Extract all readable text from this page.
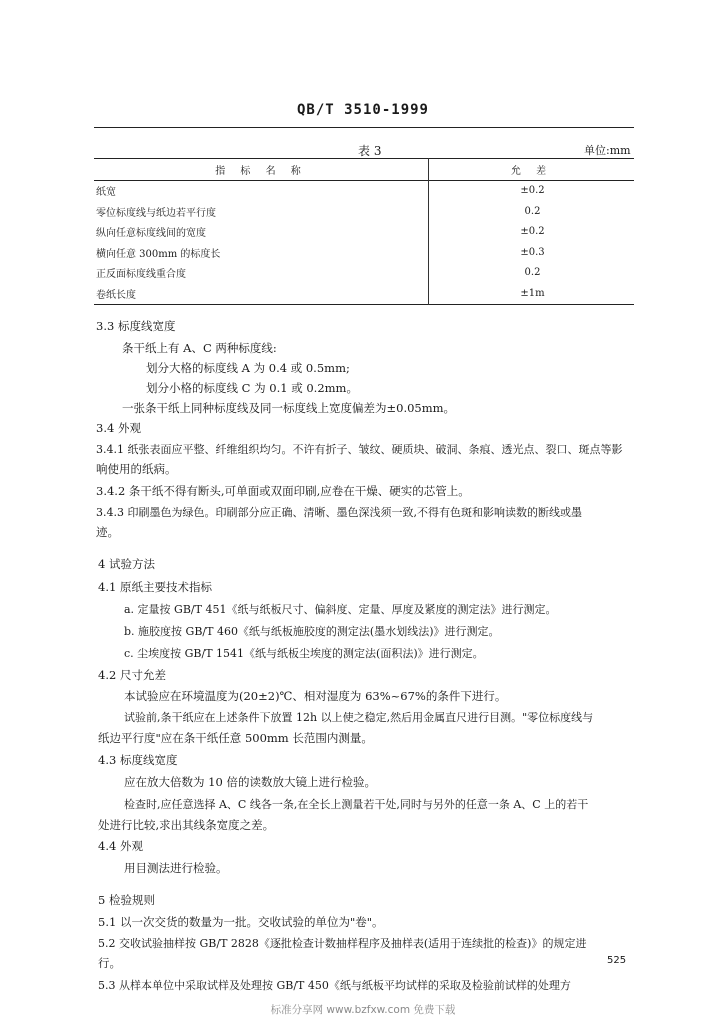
QB/T 3510-1999
表 3	单位:mm
指 标 名 称	允 差
纸宽	±0.2
零位标度线与纸边若平行度	0.2
纵向任意标度线间的宽度	±0.2
横向任意 300mm 的标度长	±0.3
正反面标度线重合度	0.2
卷纸长度	±1m
3.3 标度线宽度
条干纸上有 A、C 两种标度线:
划分大格的标度线 A 为 0.4 或 0.5mm;
划分小格的标度线 C 为 0.1 或 0.2mm。
一张条干纸上同种标度线及同一标度线上宽度偏差为±0.05mm。
3.4 外观
3.4.1 纸张表面应平整、纤维组织均匀。不许有折子、皱纹、硬质块、破洞、条痕、透光点、裂口、斑点等影
响使用的纸病。
3.4.2 条干纸不得有断头,可单面或双面印刷,应卷在干燥、硬实的芯管上。
3.4.3 印刷墨色为绿色。印刷部分应正确、清晰、墨色深浅须一致,不得有色斑和影响读数的断线或墨
迹。
4 试验方法
4.1 原纸主要技术指标
a. 定量按 GB/T 451《纸与纸板尺寸、偏斜度、定量、厚度及紧度的测定法》进行测定。
b. 施胶度按 GB/T 460《纸与纸板施胶度的测定法(墨水划线法)》进行测定。
c. 尘埃度按 GB/T 1541《纸与纸板尘埃度的测定法(面积法)》进行测定。
4.2 尺寸允差
本试验应在环境温度为(20±2)℃、相对湿度为 63%~67%的条件下进行。
试验前,条干纸应在上述条件下放置 12h 以上使之稳定,然后用金属直尺进行目测。"零位标度线与
纸边平行度"应在条干纸任意 500mm 长范围内测量。
4.3 标度线宽度
应在放大倍数为 10 倍的读数放大镜上进行检验。
检查时,应任意选择 A、C 线各一条,在全长上测量若干处,同时与另外的任意一条 A、C 上的若干
处进行比较,求出其线条宽度之差。
4.4 外观
用目测法进行检验。
5 检验规则
5.1 以一次交货的数量为一批。交收试验的单位为"卷"。
5.2 交收试验抽样按 GB/T 2828《逐批检查计数抽样程序及抽样表(适用于连续批的检查)》的规定进
行。
5.3 从样本单位中采取试样及处理按 GB/T 450《纸与纸板平均试样的采取及检验前试样的处理方
525
标准分享网 www.bzfxw.com 免费下载
